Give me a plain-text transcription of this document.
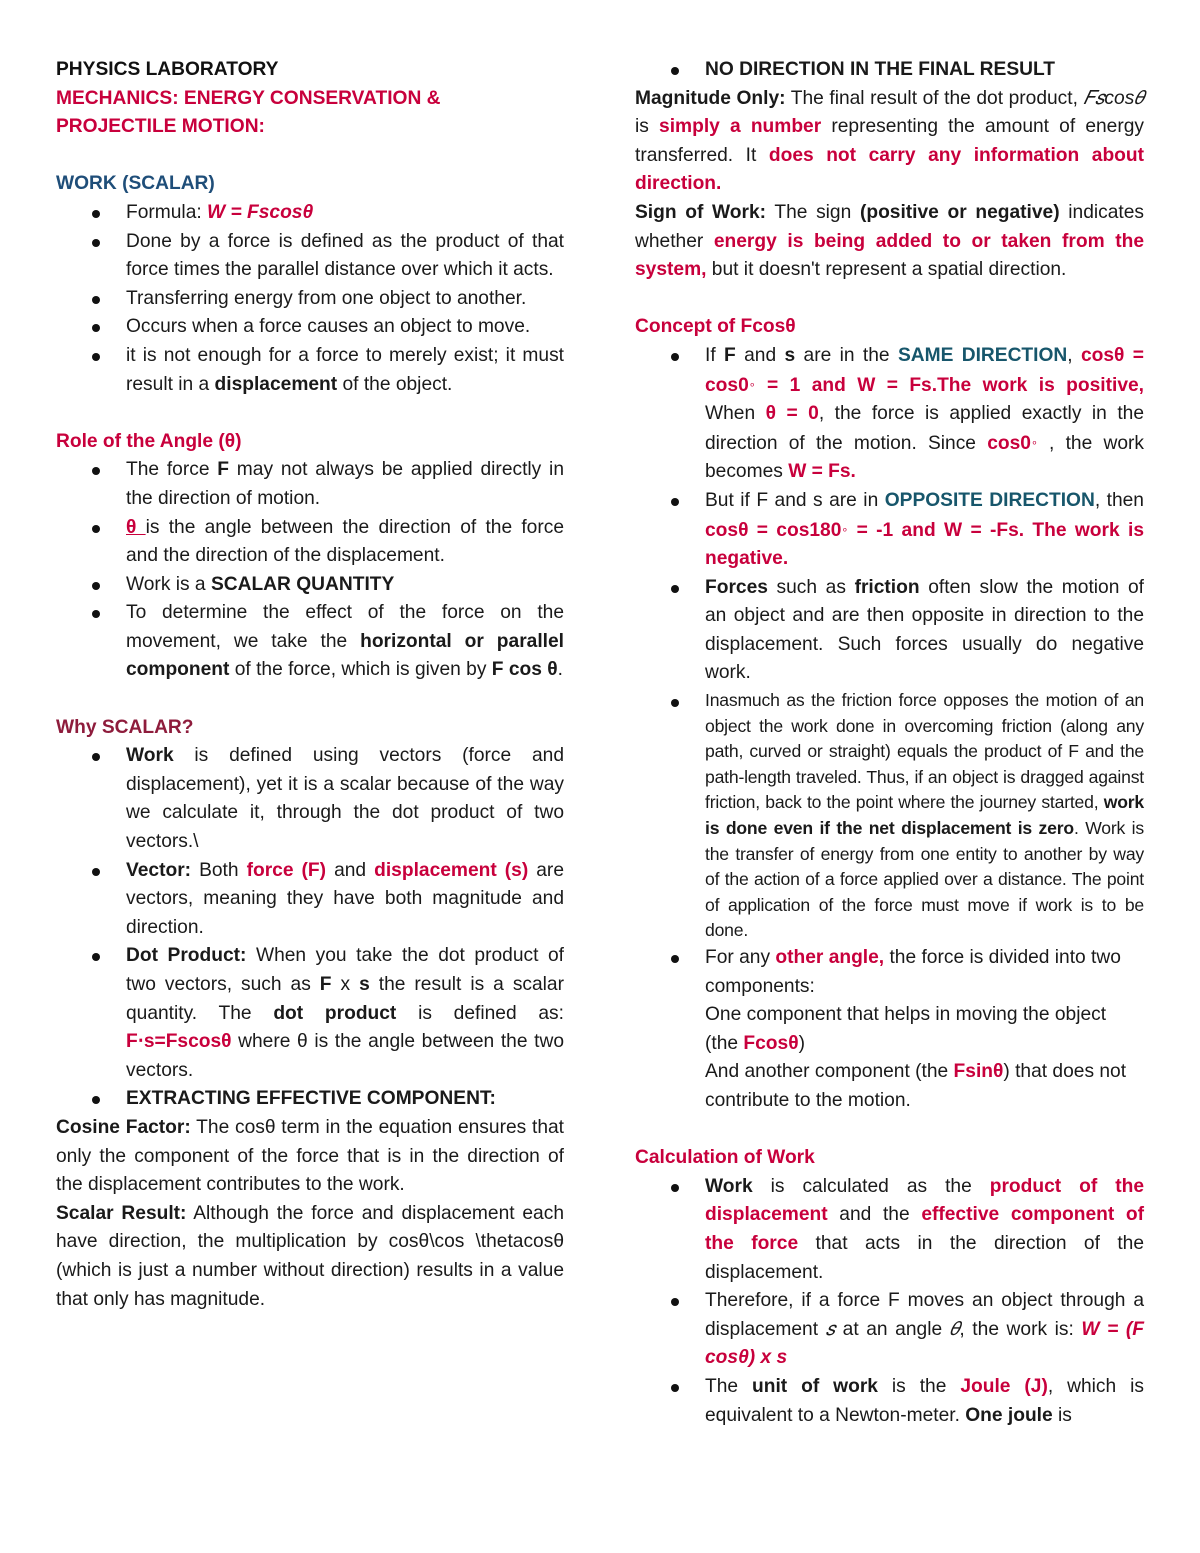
PHYSICS LABORATORY

MECHANICS: ENERGY CONSERVATION & PROJECTILE MOTION:

WORK (SCALAR)

Formula: W = Fscosθ
Done by a force is defined as the product of that force times the parallel distance over which it acts.
Transferring energy from one object to another.
Occurs when a force causes an object to move.
it is not enough for a force to merely exist; it must result in a displacement of the object.

Role of the Angle (θ)

The force F may not always be applied directly in the direction of motion.
θ is the angle between the direction of the force and the direction of the displacement.
Work is a SCALAR QUANTITY
To determine the effect of the force on the movement, we take the horizontal or parallel component of the force, which is given by F cos θ.

Why SCALAR?

Work is defined using vectors (force and displacement), yet it is a scalar because of the way we calculate it, through the dot product of two vectors.\
Vector: Both force (F) and displacement (s) are vectors, meaning they have both magnitude and direction.
Dot Product: When you take the dot product of two vectors, such as F x s the result is a scalar quantity. The dot product is defined as: F⋅s=Fscosθ where θ is the angle between the two vectors.
EXTRACTING EFFECTIVE COMPONENT:

Cosine Factor: The cosθ term in the equation ensures that only the component of the force that is in the direction of the displacement contributes to the work.

Scalar Result: Although the force and displacement each have direction, the multiplication by cosθ\cos \thetacosθ (which is just a number without direction) results in a value that only has magnitude.

NO DIRECTION IN THE FINAL RESULT

Magnitude Only: The final result of the dot product, 𝐹𝑠cos𝜃 is simply a number representing the amount of energy transferred. It does not carry any information about direction.

Sign of Work: The sign (positive or negative) indicates whether energy is being added to or taken from the system, but it doesn't represent a spatial direction.

Concept of Fcosθ

If F and s are in the SAME DIRECTION, cosθ = cos0∘ = 1 and W = Fs.The work is positive, When θ = 0, the force is applied exactly in the direction of the motion. Since cos0∘ , the work becomes W = Fs.
But if F and s are in OPPOSITE DIRECTION, then cosθ = cos180∘ = -1 and W = -Fs. The work is negative.
Forces such as friction often slow the motion of an object and are then opposite in direction to the displacement. Such forces usually do negative work.
Inasmuch as the friction force opposes the motion of an object the work done in overcoming friction (along any path, curved or straight) equals the product of F and the path-length traveled. Thus, if an object is dragged against friction, back to the point where the journey started, work is done even if the net displacement is zero. Work is the transfer of energy from one entity to another by way of the action of a force applied over a distance. The point of application of the force must move if work is to be done.
For any other angle, the force is divided into two components:
One component that helps in moving the object (the Fcosθ)
And another component (the Fsinθ) that does not contribute to the motion.

Calculation of Work

Work is calculated as the product of the displacement and the effective component of the force that acts in the direction of the displacement.
Therefore, if a force F moves an object through a displacement 𝑠 at an angle 𝜃, the work is: W = (F cosθ) x s
The unit of work is the Joule (J), which is equivalent to a Newton-meter. One joule is
